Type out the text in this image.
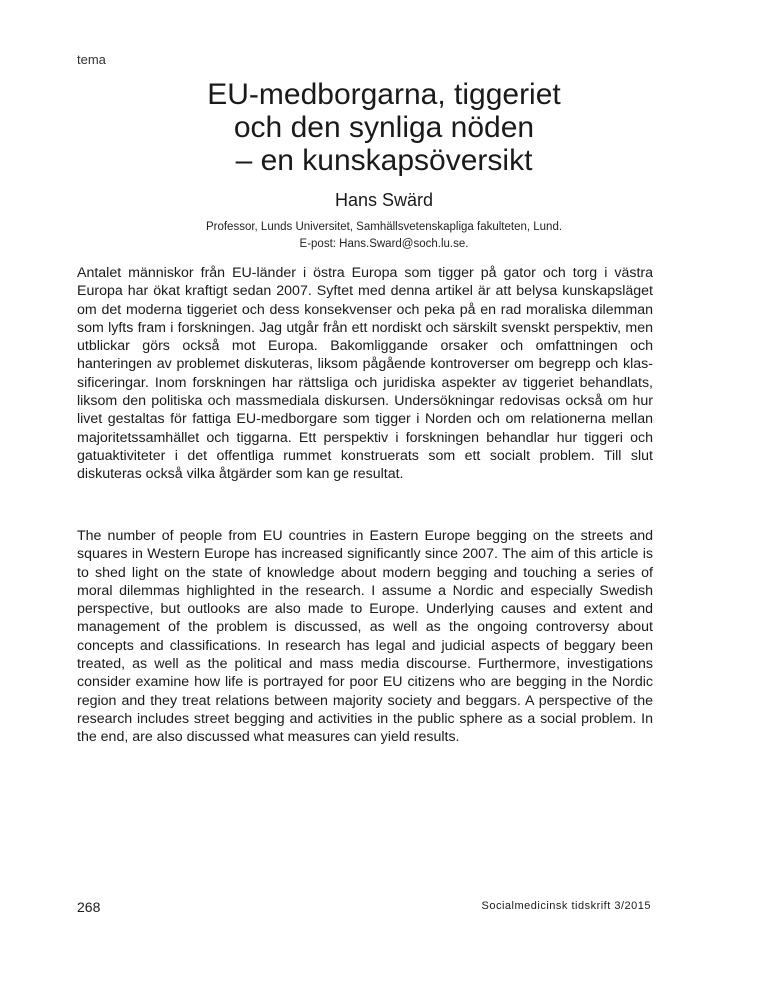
tema
EU-medborgarna, tiggeriet
och den synliga nöden
– en kunskapsöversikt
Hans Swärd
Professor, Lunds Universitet, Samhällsvetenskapliga fakulteten, Lund.
E-post: Hans.Sward@soch.lu.se.

Antalet människor från EU-länder i östra Europa som tigger på gator och torg i västra Europa har ökat kraftigt sedan 2007. Syftet med denna artikel är att belysa kunskapsläget om det moderna tiggeriet och dess konsekvenser och peka på en rad moraliska dilemman som lyfts fram i forskningen. Jag utgår från ett nordiskt och särskilt svenskt perspektiv, men utblickar görs också mot Europa. Bakomliggande orsaker och omfattningen och hanteringen av problemet diskuteras, liksom pågående kontroverser om begrepp och klassificeringar. Inom forskningen har rättsliga och juridiska aspekter av tiggeriet behandlats, liksom den politiska och massmediala diskursen. Undersökningar redovisas också om hur livet gestaltas för fattiga EU-medborgare som tigger i Norden och om relationerna mellan majoritetssamhället och tiggarna. Ett perspektiv i forskningen behandlar hur tiggeri och gatuaktiviteter i det offentliga rummet konstruerats som ett socialt problem. Till slut diskuteras också vilka åtgärder som kan ge resultat.

The number of people from EU countries in Eastern Europe begging on the streets and squares in Western Europe has increased significantly since 2007. The aim of this article is to shed light on the state of knowledge about modern begging and touching a series of moral dilemmas highlighted in the research. I assume a Nordic and especially Swedish perspective, but outlooks are also made to Europe. Underlying causes and extent and management of the problem is discussed, as well as the ongoing controversy about concepts and classifications. In research has legal and judicial aspects of beggary been treated, as well as the political and mass media discourse. Furthermore, investigations consider examine how life is portrayed for poor EU citizens who are begging in the Nordic region and they treat relations between majority society and beggars. A perspective of the research includes street begging and activities in the public sphere as a social problem. In the end, are also discussed what measures can yield results.

268	Socialmedicinsk tidskrift 3/2015
